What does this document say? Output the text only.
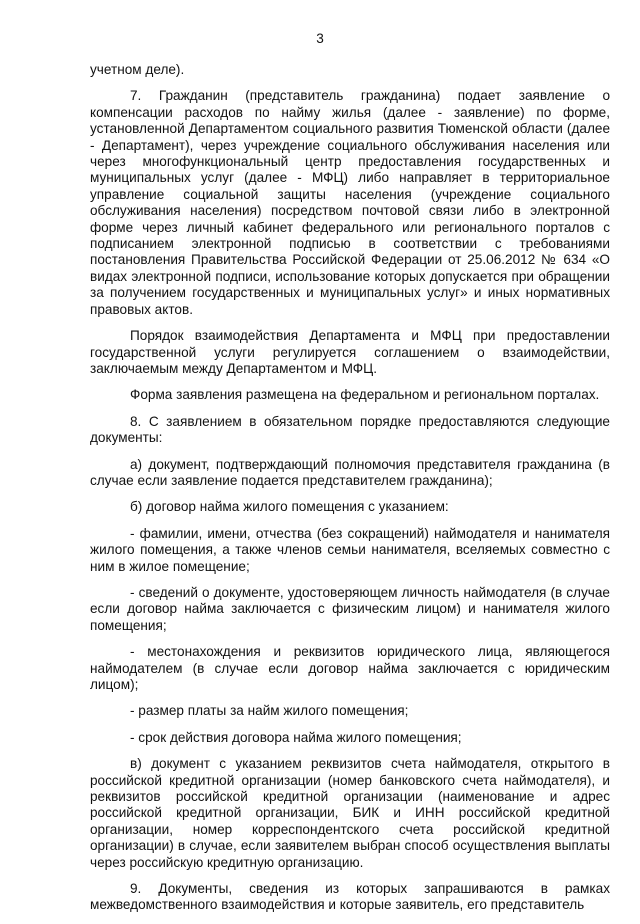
3

учетном деле).

7. Гражданин (представитель гражданина) подает заявление о компенсации расходов по найму жилья (далее - заявление) по форме, установленной Департаментом социального развития Тюменской области (далее - Департамент), через учреждение социального обслуживания населения или через многофункциональный центр предоставления государственных и муниципальных услуг (далее - МФЦ) либо направляет в территориальное управление социальной защиты населения (учреждение социального обслуживания населения) посредством почтовой связи либо в электронной форме через личный кабинет федерального или регионального порталов с подписанием электронной подписью в соответствии с требованиями постановления Правительства Российской Федерации от 25.06.2012 № 634 «О видах электронной подписи, использование которых допускается при обращении за получением государственных и муниципальных услуг» и иных нормативных правовых актов.

Порядок взаимодействия Департамента и МФЦ при предоставлении государственной услуги регулируется соглашением о взаимодействии, заключаемым между Департаментом и МФЦ.

Форма заявления размещена на федеральном и региональном порталах.

8. С заявлением в обязательном порядке предоставляются следующие документы:

а) документ, подтверждающий полномочия представителя гражданина (в случае если заявление подается представителем гражданина);

б) договор найма жилого помещения с указанием:

- фамилии, имени, отчества (без сокращений) наймодателя и нанимателя жилого помещения, а также членов семьи нанимателя, вселяемых совместно с ним в жилое помещение;

- сведений о документе, удостоверяющем личность наймодателя (в случае если договор найма заключается с физическим лицом) и нанимателя жилого помещения;

- местонахождения и реквизитов юридического лица, являющегося наймодателем (в случае если договор найма заключается с юридическим лицом);

- размер платы за найм жилого помещения;

- срок действия договора найма жилого помещения;

в) документ с указанием реквизитов счета наймодателя, открытого в российской кредитной организации (номер банковского счета наймодателя), и реквизитов российской кредитной организации (наименование и адрес российской кредитной организации, БИК и ИНН российской кредитной организации, номер корреспондентского счета российской кредитной организации) в случае, если заявителем выбран способ осуществления выплаты через российскую кредитную организацию.

9. Документы, сведения из которых запрашиваются в рамках межведомственного взаимодействия и которые заявитель, его представитель
